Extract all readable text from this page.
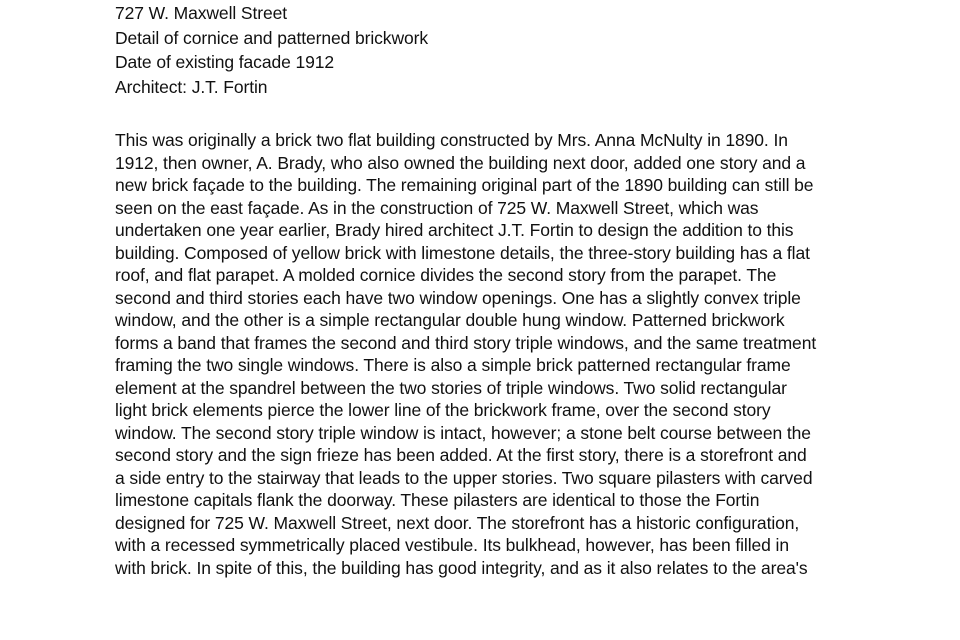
727 W. Maxwell Street
Detail of cornice and patterned brickwork
Date of existing facade 1912
Architect: J.T. Fortin
This was originally a brick two flat building constructed by Mrs. Anna McNulty in 1890. In
1912, then owner, A. Brady, who also owned the building next door, added one story and a
new brick façade to the building. The remaining original part of the 1890 building can still be
seen on the east façade. As in the construction of 725 W. Maxwell Street, which was
undertaken one year earlier, Brady hired architect J.T. Fortin to design the addition to this
building. Composed of yellow brick with limestone details, the three-story building has a flat
roof, and flat parapet. A molded cornice divides the second story from the parapet. The
second and third stories each have two window openings. One has a slightly convex triple
window, and the other is a simple rectangular double hung window. Patterned brickwork
forms a band that frames the second and third story triple windows, and the same treatment
framing the two single windows. There is also a simple brick patterned rectangular frame
element at the spandrel between the two stories of triple windows. Two solid rectangular
light brick elements pierce the lower line of the brickwork frame, over the second story
window. The second story triple window is intact, however; a stone belt course between the
second story and the sign frieze has been added. At the first story, there is a storefront and
a side entry to the stairway that leads to the upper stories. Two square pilasters with carved
limestone capitals flank the doorway. These pilasters are identical to those the Fortin
designed for 725 W. Maxwell Street, next door. The storefront has a historic configuration,
with a recessed symmetrically placed vestibule. Its bulkhead, however, has been filled in
with brick. In spite of this, the building has good integrity, and as it also relates to the area's
